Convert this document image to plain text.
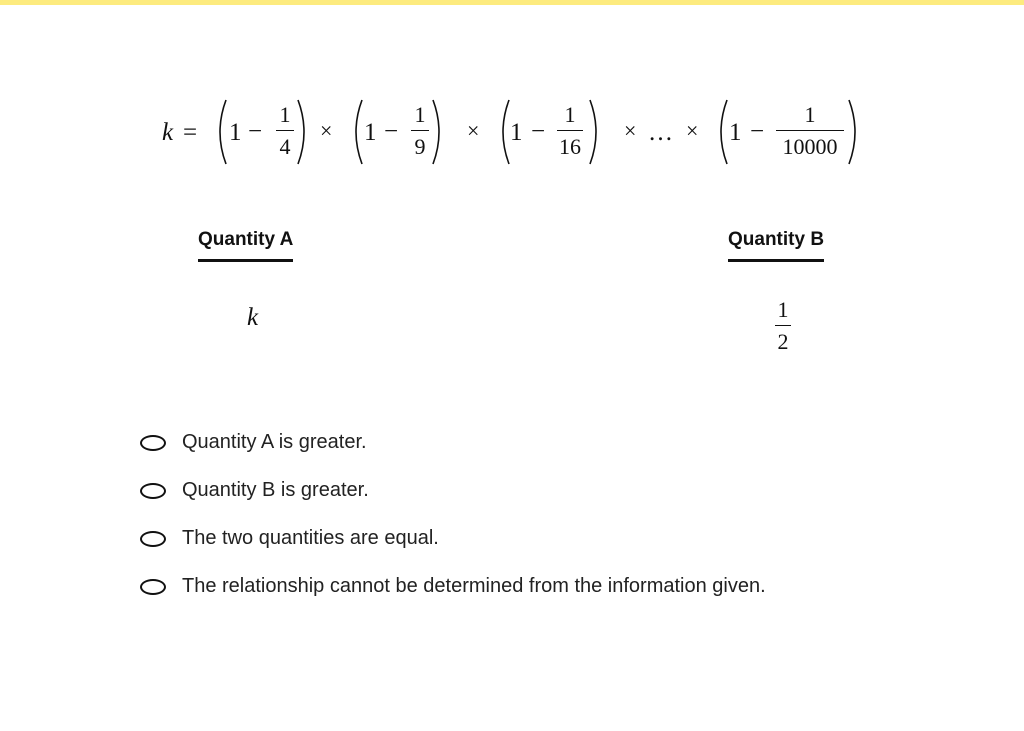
$k = 1 - \frac{1}{4} \times 1 - \frac{1}{9} \times 1 - \frac{1}{16}$ × … × $1 - \frac{1}{10000}$
Quantity A	Quantity B
k	$\frac{1}{2}$
Quantity A is greater.
Quantity B is greater.
The two quantities are equal.
The relationship cannot be determined from the information given.
